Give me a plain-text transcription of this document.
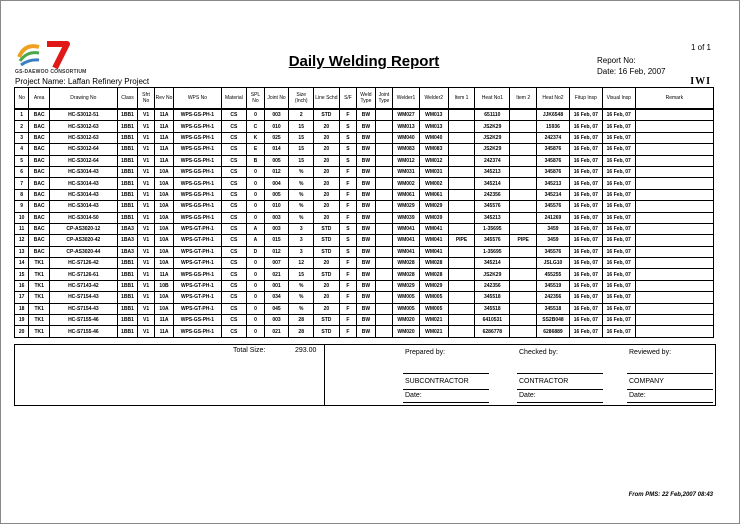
GS-DAEWOO CONSORTIUM
1 of 1
Daily Welding Report	Report No:
Date: 16 Feb, 2007
IWI
Project Name: Laffan Refinery Project
No	Area	Drawing No	Class	Sfrt No	Rev No	WPS No	Material	SPL No	Joint No	Size (Inch)	Line Schd	S/F	Weld Type	Joint Type	Welder1	Welder2	Item 1	Heat No1	Item 2	Heat No2	Fitup Insp	Visual Insp	Remark
1	BAC	HC-S3012-51	1BB1	V1	11A	WPS-GS-PH-1	CS	0	003	2	STD	F	BW		WM027	WM013		651110		JJK6548	16 Feb, 07	16 Feb, 07	
2	BAC	HC-S3012-63	1BB1	V1	11A	WPS-GS-PH-1	CS	C	010	15	20	S	BW		WM013	WM013		JS2K29		15936	16 Feb, 07	16 Feb, 07	
3	BAC	HC-S3012-63	1BB1	V1	11A	WPS-GS-PH-1	CS	K	025	15	20	S	BW		WM040	WM040		JS2K29		242374	16 Feb, 07	16 Feb, 07	
4	BAC	HC-S3012-64	1BB1	V1	11A	WPS-GS-PH-1	CS	E	014	15	20	S	BW		WM083	WM083		JS2K29		345876	16 Feb, 07	16 Feb, 07	
5	BAC	HC-S3012-64	1BB1	V1	11A	WPS-GS-PH-1	CS	B	005	15	20	S	BW		WM012	WM012		242374		345876	16 Feb, 07	16 Feb, 07	
6	BAC	HC-S3014-43	1BB1	V1	10A	WPS-GS-PH-1	CS	0	012	%	20	F	BW		WM031	WM031		345213		345876	16 Feb, 07	16 Feb, 07	
7	BAC	HC-S3014-43	1BB1	V1	10A	WPS-GS-PH-1	CS	0	004	%	20	F	BW		WM002	WM002		345214		345213	16 Feb, 07	16 Feb, 07	
8	BAC	HC-S3014-43	1BB1	V1	10A	WPS-GS-PH-1	CS	0	005	%	20	F	BW		WM061	WM061		242356		345214	16 Feb, 07	16 Feb, 07	
9	BAC	HC-S3014-43	1BB1	V1	10A	WPS-GS-PH-1	CS	0	010	%	20	F	BW		WM029	WM029		345576		345576	16 Feb, 07	16 Feb, 07	
10	BAC	HC-S3014-50	1BB1	V1	10A	WPS-GS-PH-1	CS	0	003	%	20	F	BW		WM039	WM039		345213		241269	16 Feb, 07	16 Feb, 07	
11	BAC	CP-AS3020-12	1BA3	V1	10A	WPS-GT-PH-1	CS	A	003	3	STD	S	BW		WM041	WM041		1-35695		3459	16 Feb, 07	16 Feb, 07	
12	BAC	CP-AS3020-42	1BA3	V1	10A	WPS-GT-PH-1	CS	A	015	3	STD	S	BW		WM041	WM041	PIPE	345576	PIPE	3459	16 Feb, 07	16 Feb, 07	
13	BAC	CP-AS3020-44	1BA3	V1	10A	WPS-GT-PH-1	CS	D	012	3	STD	S	BW		WM041	WM041		1-35695		345576	16 Feb, 07	16 Feb, 07	
14	TK1	HC-S7126-42	1BB1	V1	10A	WPS-GT-PH-1	CS	0	007	12	20	F	BW		WM028	WM028		345214		JSLG10	16 Feb, 07	16 Feb, 07	
15	TK1	HC-S7126-61	1BB1	V1	11A	WPS-GS-PH-1	CS	0	021	15	STD	F	BW		WM028	WM028		JS2K29		455255	16 Feb, 07	16 Feb, 07	
16	TK1	HC-S7143-42	1BB1	V1	10B	WPS-GT-PH-1	CS	0	001	%	20	F	BW		WM029	WM029		242356		345519	16 Feb, 07	16 Feb, 07	
17	TK1	HC-S7154-43	1BB1	V1	10A	WPS-GT-PH-1	CS	0	034	%	20	F	BW		WM005	WM005		345518		242356	16 Feb, 07	16 Feb, 07	
18	TK1	HC-S7154-43	1BB1	V1	10A	WPS-GT-PH-1	CS	0	045	%	20	F	BW		WM005	WM005		345518		345518	16 Feb, 07	16 Feb, 07	
19	TK1	HC-S7155-46	1BB1	V1	11A	WPS-GS-PH-1	CS	0	003	28	STD	F	BW		WM020	WM021		6410531		SS2B048	16 Feb, 07	16 Feb, 07	
20	TK1	HC-S7155-46	1BB1	V1	11A	WPS-GS-PH-1	CS	0	021	28	STD	F	BW		WM020	WM021		6286778		6286889	16 Feb, 07	16 Feb, 07	
Total Size:	293.00	Prepared by:	Checked by:	Reviewed by:
SUBCONTRACTOR	CONTRACTOR	COMPANY
Date:	Date:	Date:
From PMS: 22 Feb,2007 08:43
